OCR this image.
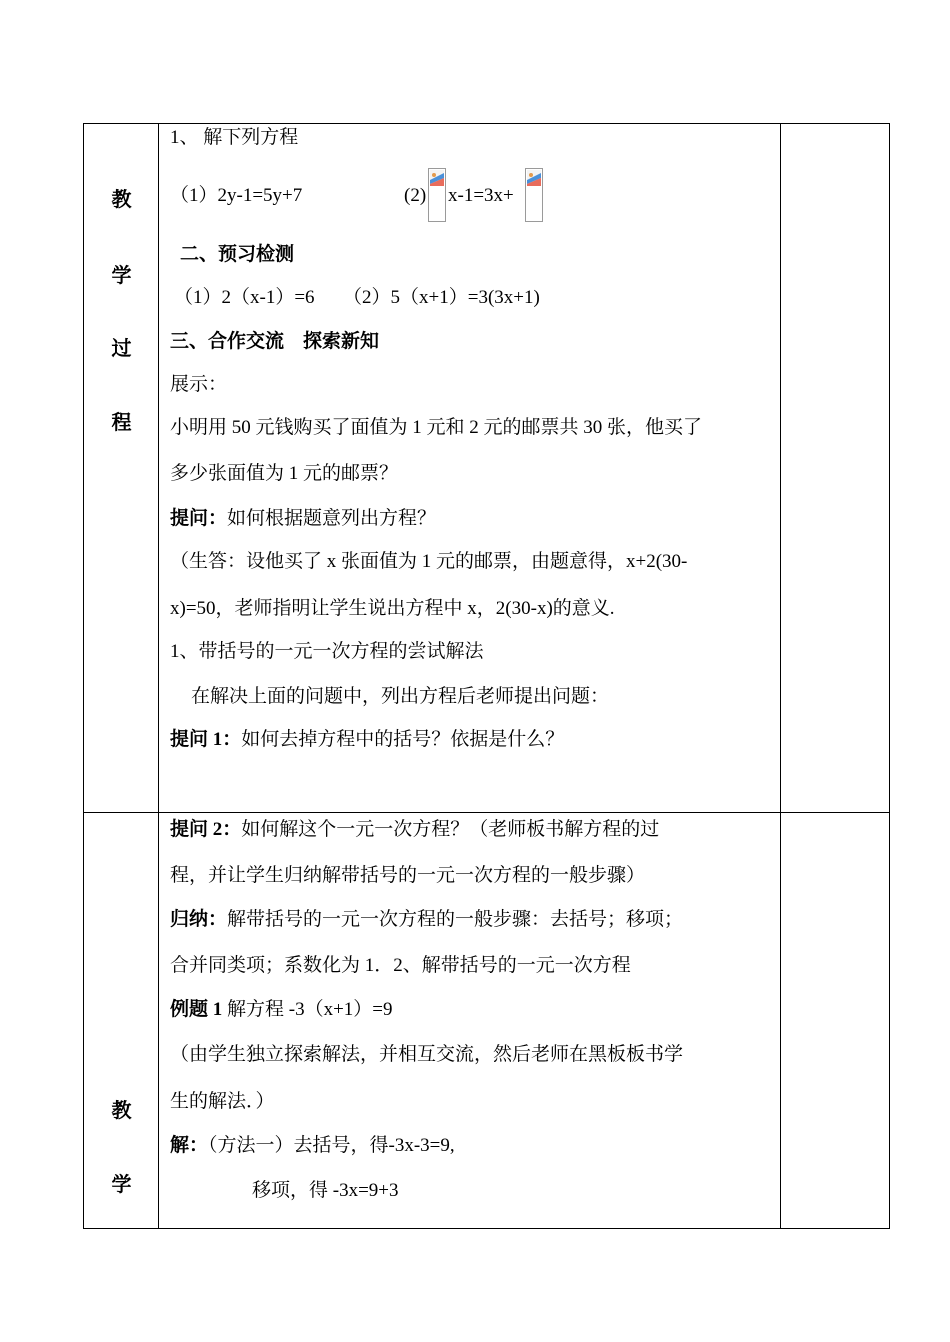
教
学
过
程
1、 解下列方程
（1）2y-1=5y+7	(2) x-1=3x+
二、预习检测
（1）2（x-1）=6　　（2）5（x+1）=3(3x+1)
三、合作交流　探索新知
展示：
小明用 50 元钱购买了面值为 1 元和 2 元的邮票共 30 张，他买了
多少张面值为 1 元的邮票？
提问：如何根据题意列出方程？
（生答：设他买了 x 张面值为 1 元的邮票，由题意得，x+2(30-
x)=50，老师指明让学生说出方程中 x，2(30-x)的意义.
1、带括号的一元一次方程的尝试解法
在解决上面的问题中，列出方程后老师提出问题：
提问 1：如何去掉方程中的括号？依据是什么？
教
学
提问 2：如何解这个一元一次方程？（老师板书解方程的过
程，并让学生归纳解带括号的一元一次方程的一般步骤）
归纳：解带括号的一元一次方程的一般步骤：去括号；移项；
合并同类项；系数化为 1．2、解带括号的一元一次方程
例题 1 解方程 -3（x+1）=9
（由学生独立探索解法，并相互交流，然后老师在黑板板书学
生的解法．）
解：（方法一）去括号，得-3x-3=9,
移项，得 -3x=9+3
